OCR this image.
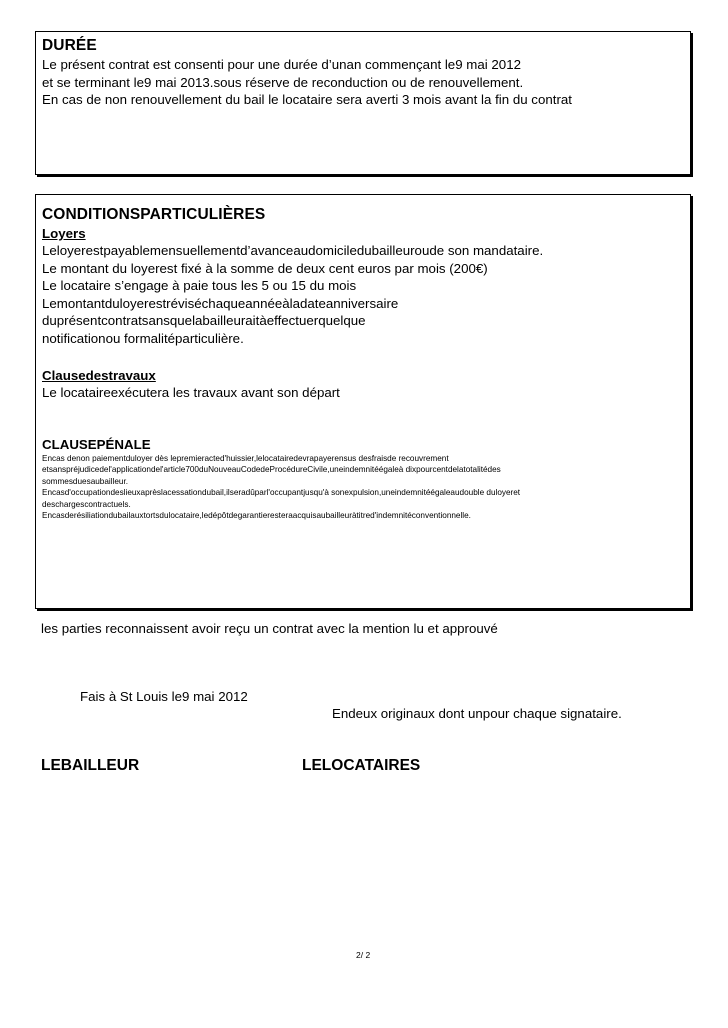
DURÉE
Le présent contrat est consenti pour une durée d’unan commençant le9 mai 2012
et se terminant le9 mai 2013.sous réserve de reconduction ou de renouvellement.
En cas de non renouvellement du bail le locataire sera averti 3 mois avant la fin du contrat
CONDITIONSPARTICULIÈRES
Loyers
Leloyerestpayablemensuellementd’avanceaudomiciledubailleuroude son mandataire.
Le montant du loyerest fixé à la somme de deux cent euros par mois (200€)
Le locataire s’engage à paie tous les 5 ou 15 du mois
Lemontantduloyerestréviséchaqueannéeàladateanniversaire
duprésentcontratsansquelabailleuraitàeffectuerquelque
notificationou formalitéparticulière.
Clausedestravaux
Le locataireexécutera les travaux avant son départ
CLAUSEPÉNALE
Encas denon paiementduloyer dès lepremieracted'huissier,lelocatairedevrapayerensus desfraisde recouvrement
etsanspréjudicedel'applicationdel'article700duNouveauCodedeProcédureCivile,uneindemnitéégaleà dixpourcentdelatotalitédes
sommesduesaubailleur.
Encasd'occupationdeslieuxaprèslacessationdubail,ilseradûparl'occupantjusqu'à sonexpulsion,uneindemnitéégaleaudouble duloyeret
deschargescontractuels.
Encasderésiliationdubailauxtortsdulocataire,ledépôtdegarantieresteraacquisaubailleuràtitred'indemnitéconventionnelle.
les parties reconnaissent avoir reçu un contrat avec la mention lu et approuvé
Fais à St Louis le9 mai 2012
Endeux originaux dont unpour chaque signataire.
LEBAILLEUR	LELOCATAIRES
2/ 2
